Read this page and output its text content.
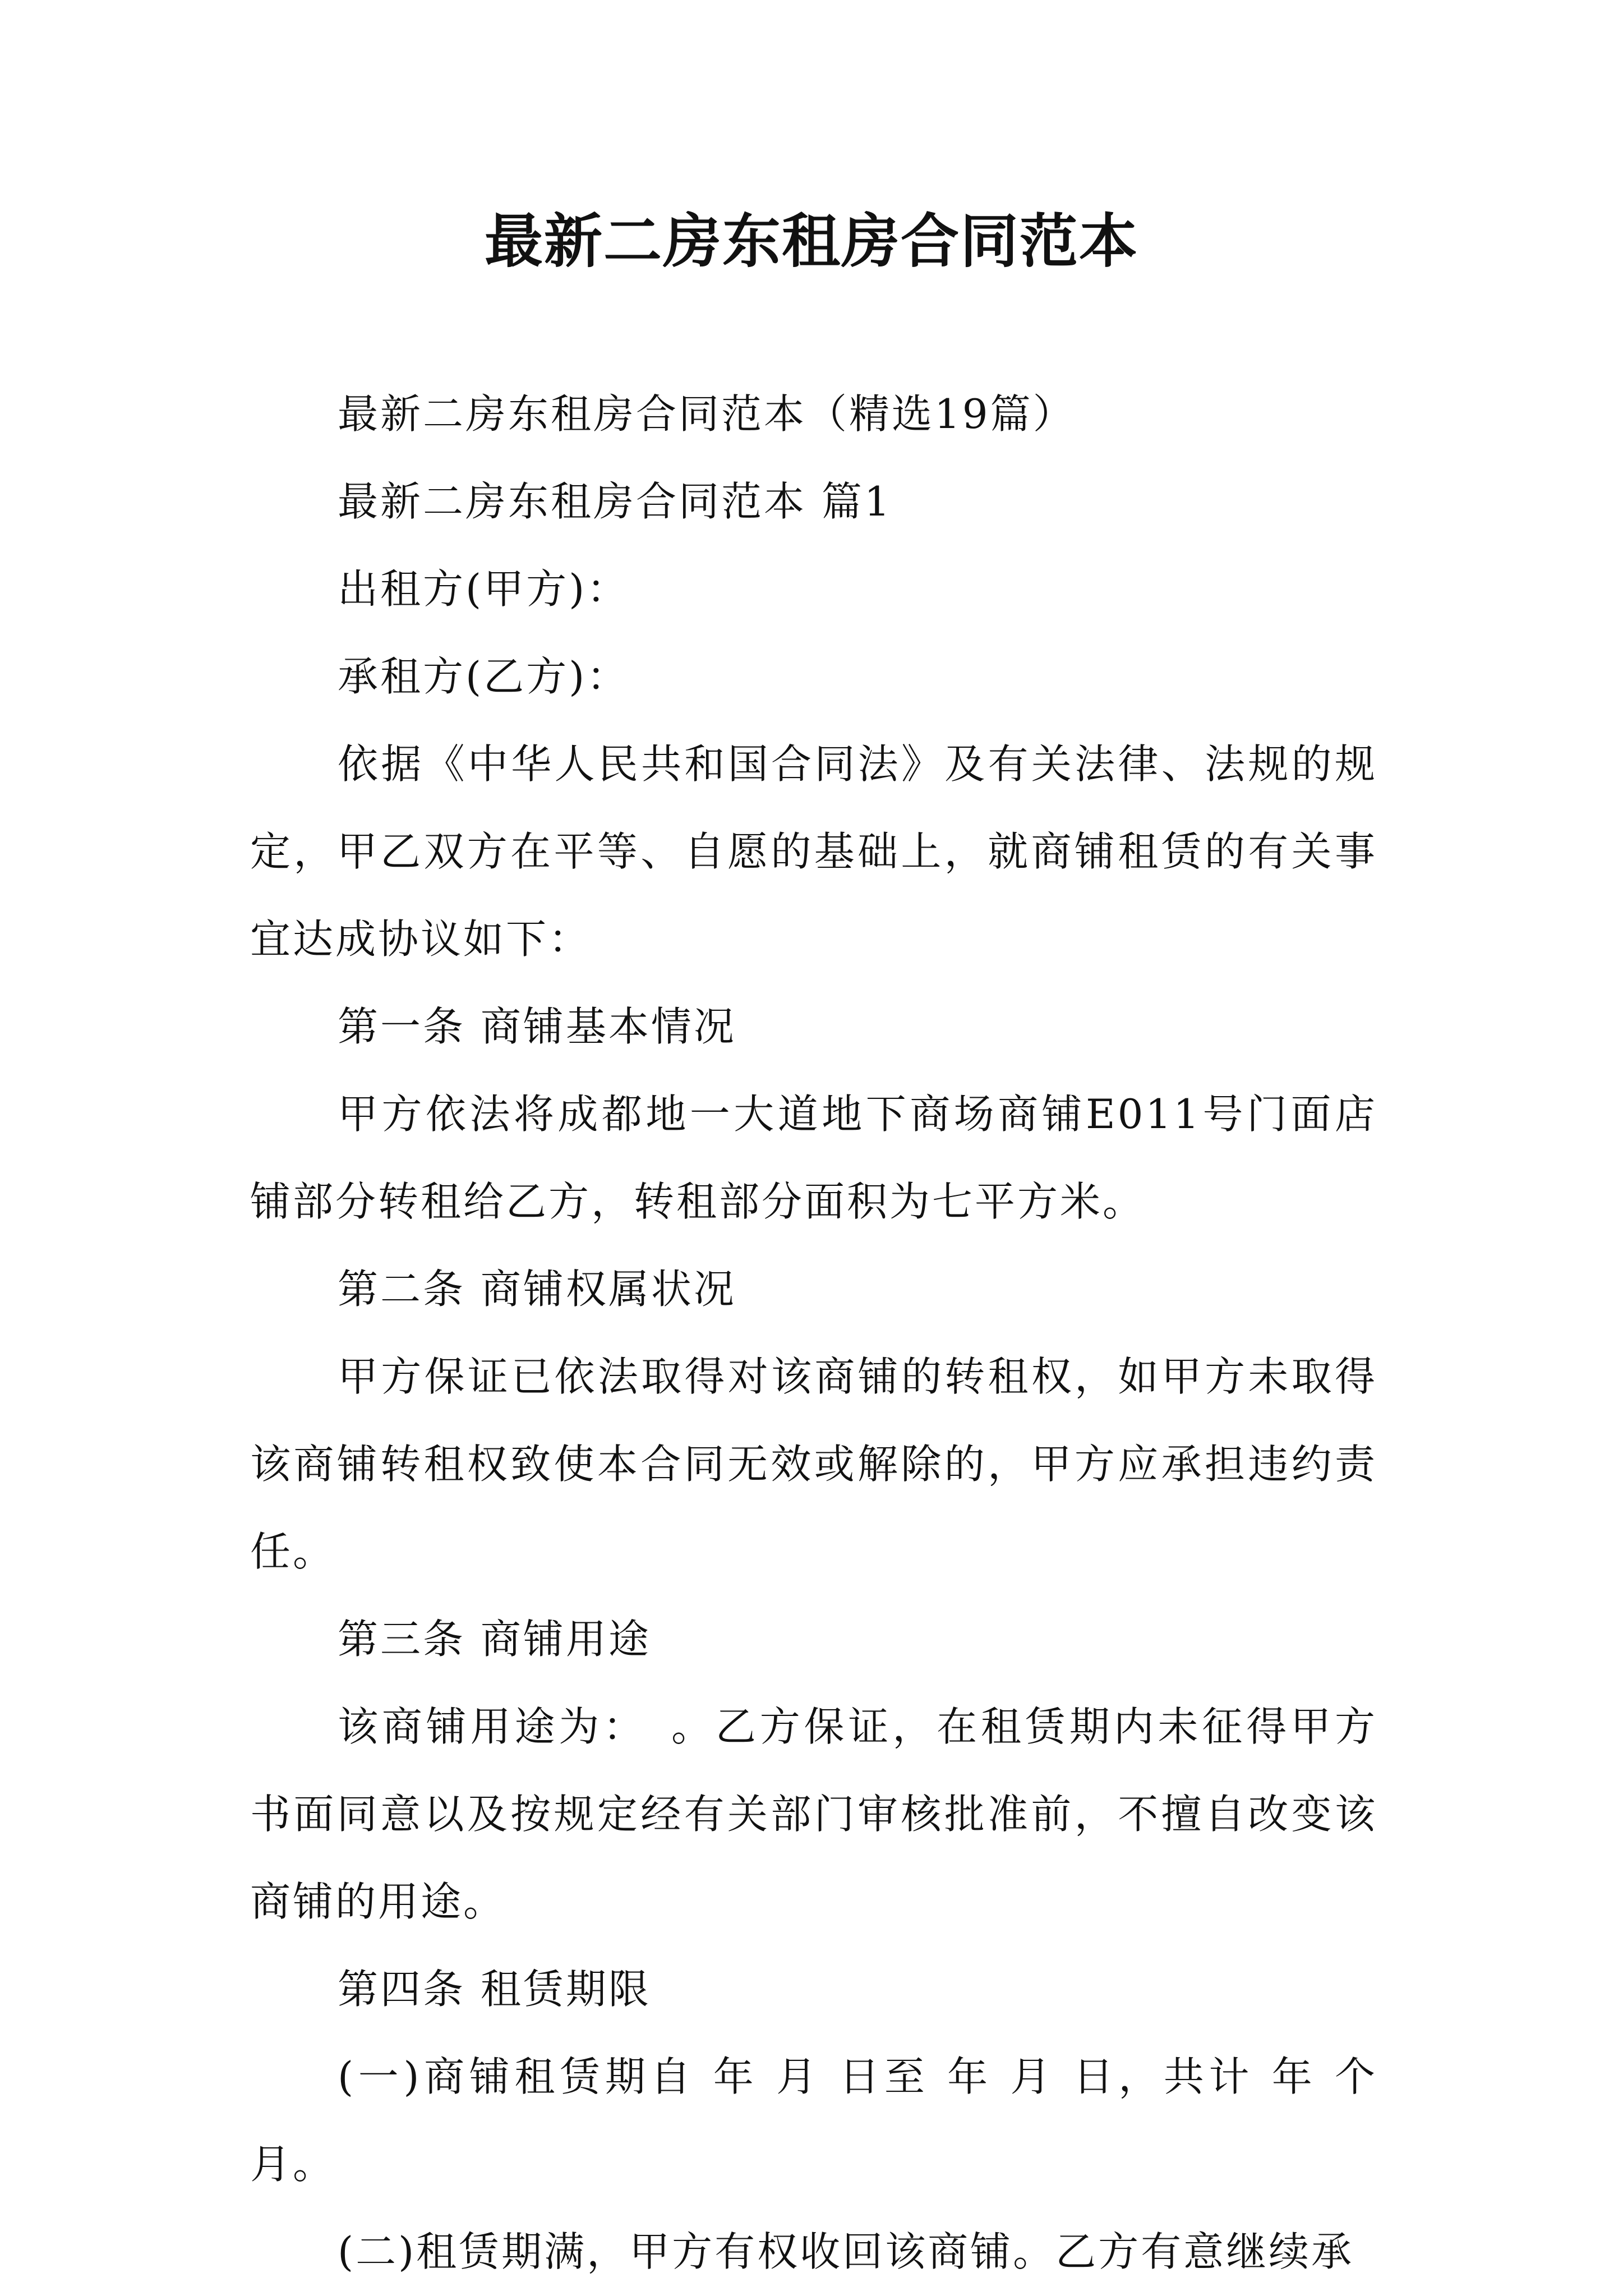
最新二房东租房合同范本

最新二房东租房合同范本（精选19篇）

最新二房东租房合同范本 篇1

出租方(甲方)：

承租方(乙方)：

依据《中华人民共和国合同法》及有关法律、法规的规定，甲乙双方在平等、自愿的基础上，就商铺租赁的有关事宜达成协议如下：

第一条 商铺基本情况

甲方依法将成都地一大道地下商场商铺E011号门面店铺部分转租给乙方，转租部分面积为七平方米。

第二条 商铺权属状况

甲方保证已依法取得对该商铺的转租权，如甲方未取得该商铺转租权致使本合同无效或解除的，甲方应承担违约责任。

第三条 商铺用途

该商铺用途为：　。乙方保证，在租赁期内未征得甲方书面同意以及按规定经有关部门审核批准前，不擅自改变该商铺的用途。

第四条 租赁期限

(一)商铺租赁期自 年 月 日至 年 月 日，共计 年 个月。

(二)租赁期满，甲方有权收回该商铺。乙方有意继续承
